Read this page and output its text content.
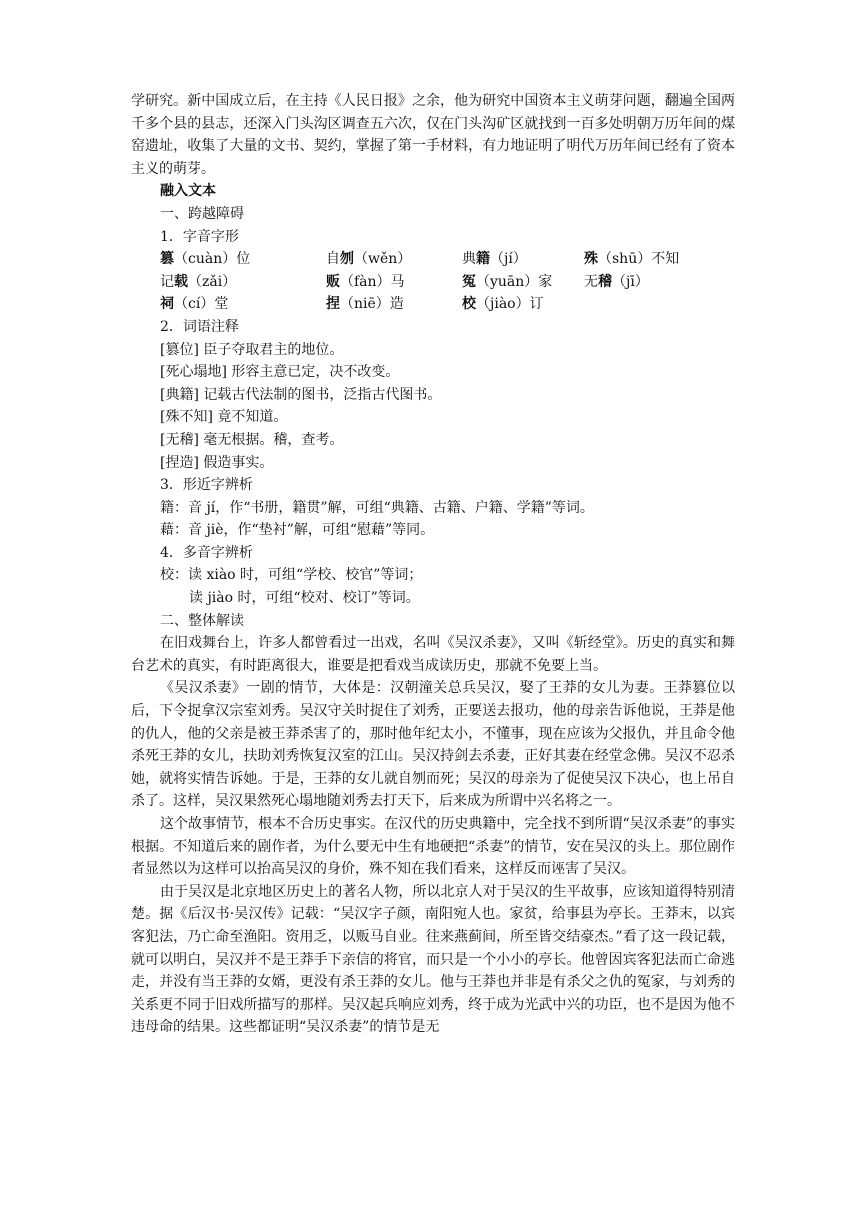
学研究。新中国成立后，在主持《人民日报》之余，他为研究中国资本主义萌芽问题，翻遍全国两千多个县的县志，还深入门头沟区调查五六次，仅在门头沟矿区就找到一百多处明朝万历年间的煤窑遗址，收集了大量的文书、契约，掌握了第一手材料，有力地证明了明代万历年间已经有了资本主义的萌芽。

融入文本

一、跨越障碍

1．字音字形

篡（cuàn）位	自刎（wěn）	典籍（jí）	殊（shū）不知
记载（zǎi）	贩（fàn）马	冤（yuān）家	无稽（jī）
祠（cí）堂	捏（niē）造	校（jiào）订

2．词语注释

[篡位] 臣子夺取君主的地位。

[死心塌地] 形容主意已定，决不改变。

[典籍] 记载古代法制的图书，泛指古代图书。

[殊不知] 竟不知道。

[无稽] 毫无根据。稽，查考。

[捏造] 假造事实。

3．形近字辨析

籍：音 jí，作“书册，籍贯”解，可组“典籍、古籍、户籍、学籍”等词。

藉：音 jiè，作“垫衬”解，可组“慰藉”等同。

4．多音字辨析

校：读 xiào 时，可组“学校、校官”等词；

读 jiào 时，可组“校对、校订”等词。

二、整体解读

在旧戏舞台上，许多人都曾看过一出戏，名叫《吴汉杀妻》，又叫《斩经堂》。历史的真实和舞台艺术的真实，有时距离很大，谁要是把看戏当成读历史，那就不免要上当。

《吴汉杀妻》一剧的情节，大体是：汉朝潼关总兵吴汉，娶了王莽的女儿为妻。王莽篡位以后，下令捉拿汉宗室刘秀。吴汉守关时捉住了刘秀，正要送去报功，他的母亲告诉他说，王莽是他的仇人，他的父亲是被王莽杀害了的，那时他年纪太小，不懂事，现在应该为父报仇，并且命令他杀死王莽的女儿，扶助刘秀恢复汉室的江山。吴汉持剑去杀妻，正好其妻在经堂念佛。吴汉不忍杀她，就将实情告诉她。于是，王莽的女儿就自刎而死；吴汉的母亲为了促使吴汉下决心，也上吊自杀了。这样，吴汉果然死心塌地随刘秀去打天下，后来成为所谓中兴名将之一。

这个故事情节，根本不合历史事实。在汉代的历史典籍中，完全找不到所谓“吴汉杀妻”的事实根据。不知道后来的剧作者，为什么要无中生有地硬把“杀妻”的情节，安在吴汉的头上。那位剧作者显然以为这样可以抬高吴汉的身价，殊不知在我们看来，这样反而诬害了吴汉。

由于吴汉是北京地区历史上的著名人物，所以北京人对于吴汉的生平故事，应该知道得特别清楚。据《后汉书·吴汉传》记载：“吴汉字子颜，南阳宛人也。家贫，给事县为亭长。王莽末，以宾客犯法，乃亡命至渔阳。资用乏，以贩马自业。往来燕蓟间，所至皆交结豪杰。”看了这一段记载，就可以明白，吴汉并不是王莽手下亲信的将官，而只是一个小小的亭长。他曾因宾客犯法而亡命逃走，并没有当王莽的女婿，更没有杀王莽的女儿。他与王莽也并非是有杀父之仇的冤家，与刘秀的关系更不同于旧戏所描写的那样。吴汉起兵响应刘秀，终于成为光武中兴的功臣，也不是因为他不违母命的结果。这些都证明“吴汉杀妻”的情节是无
